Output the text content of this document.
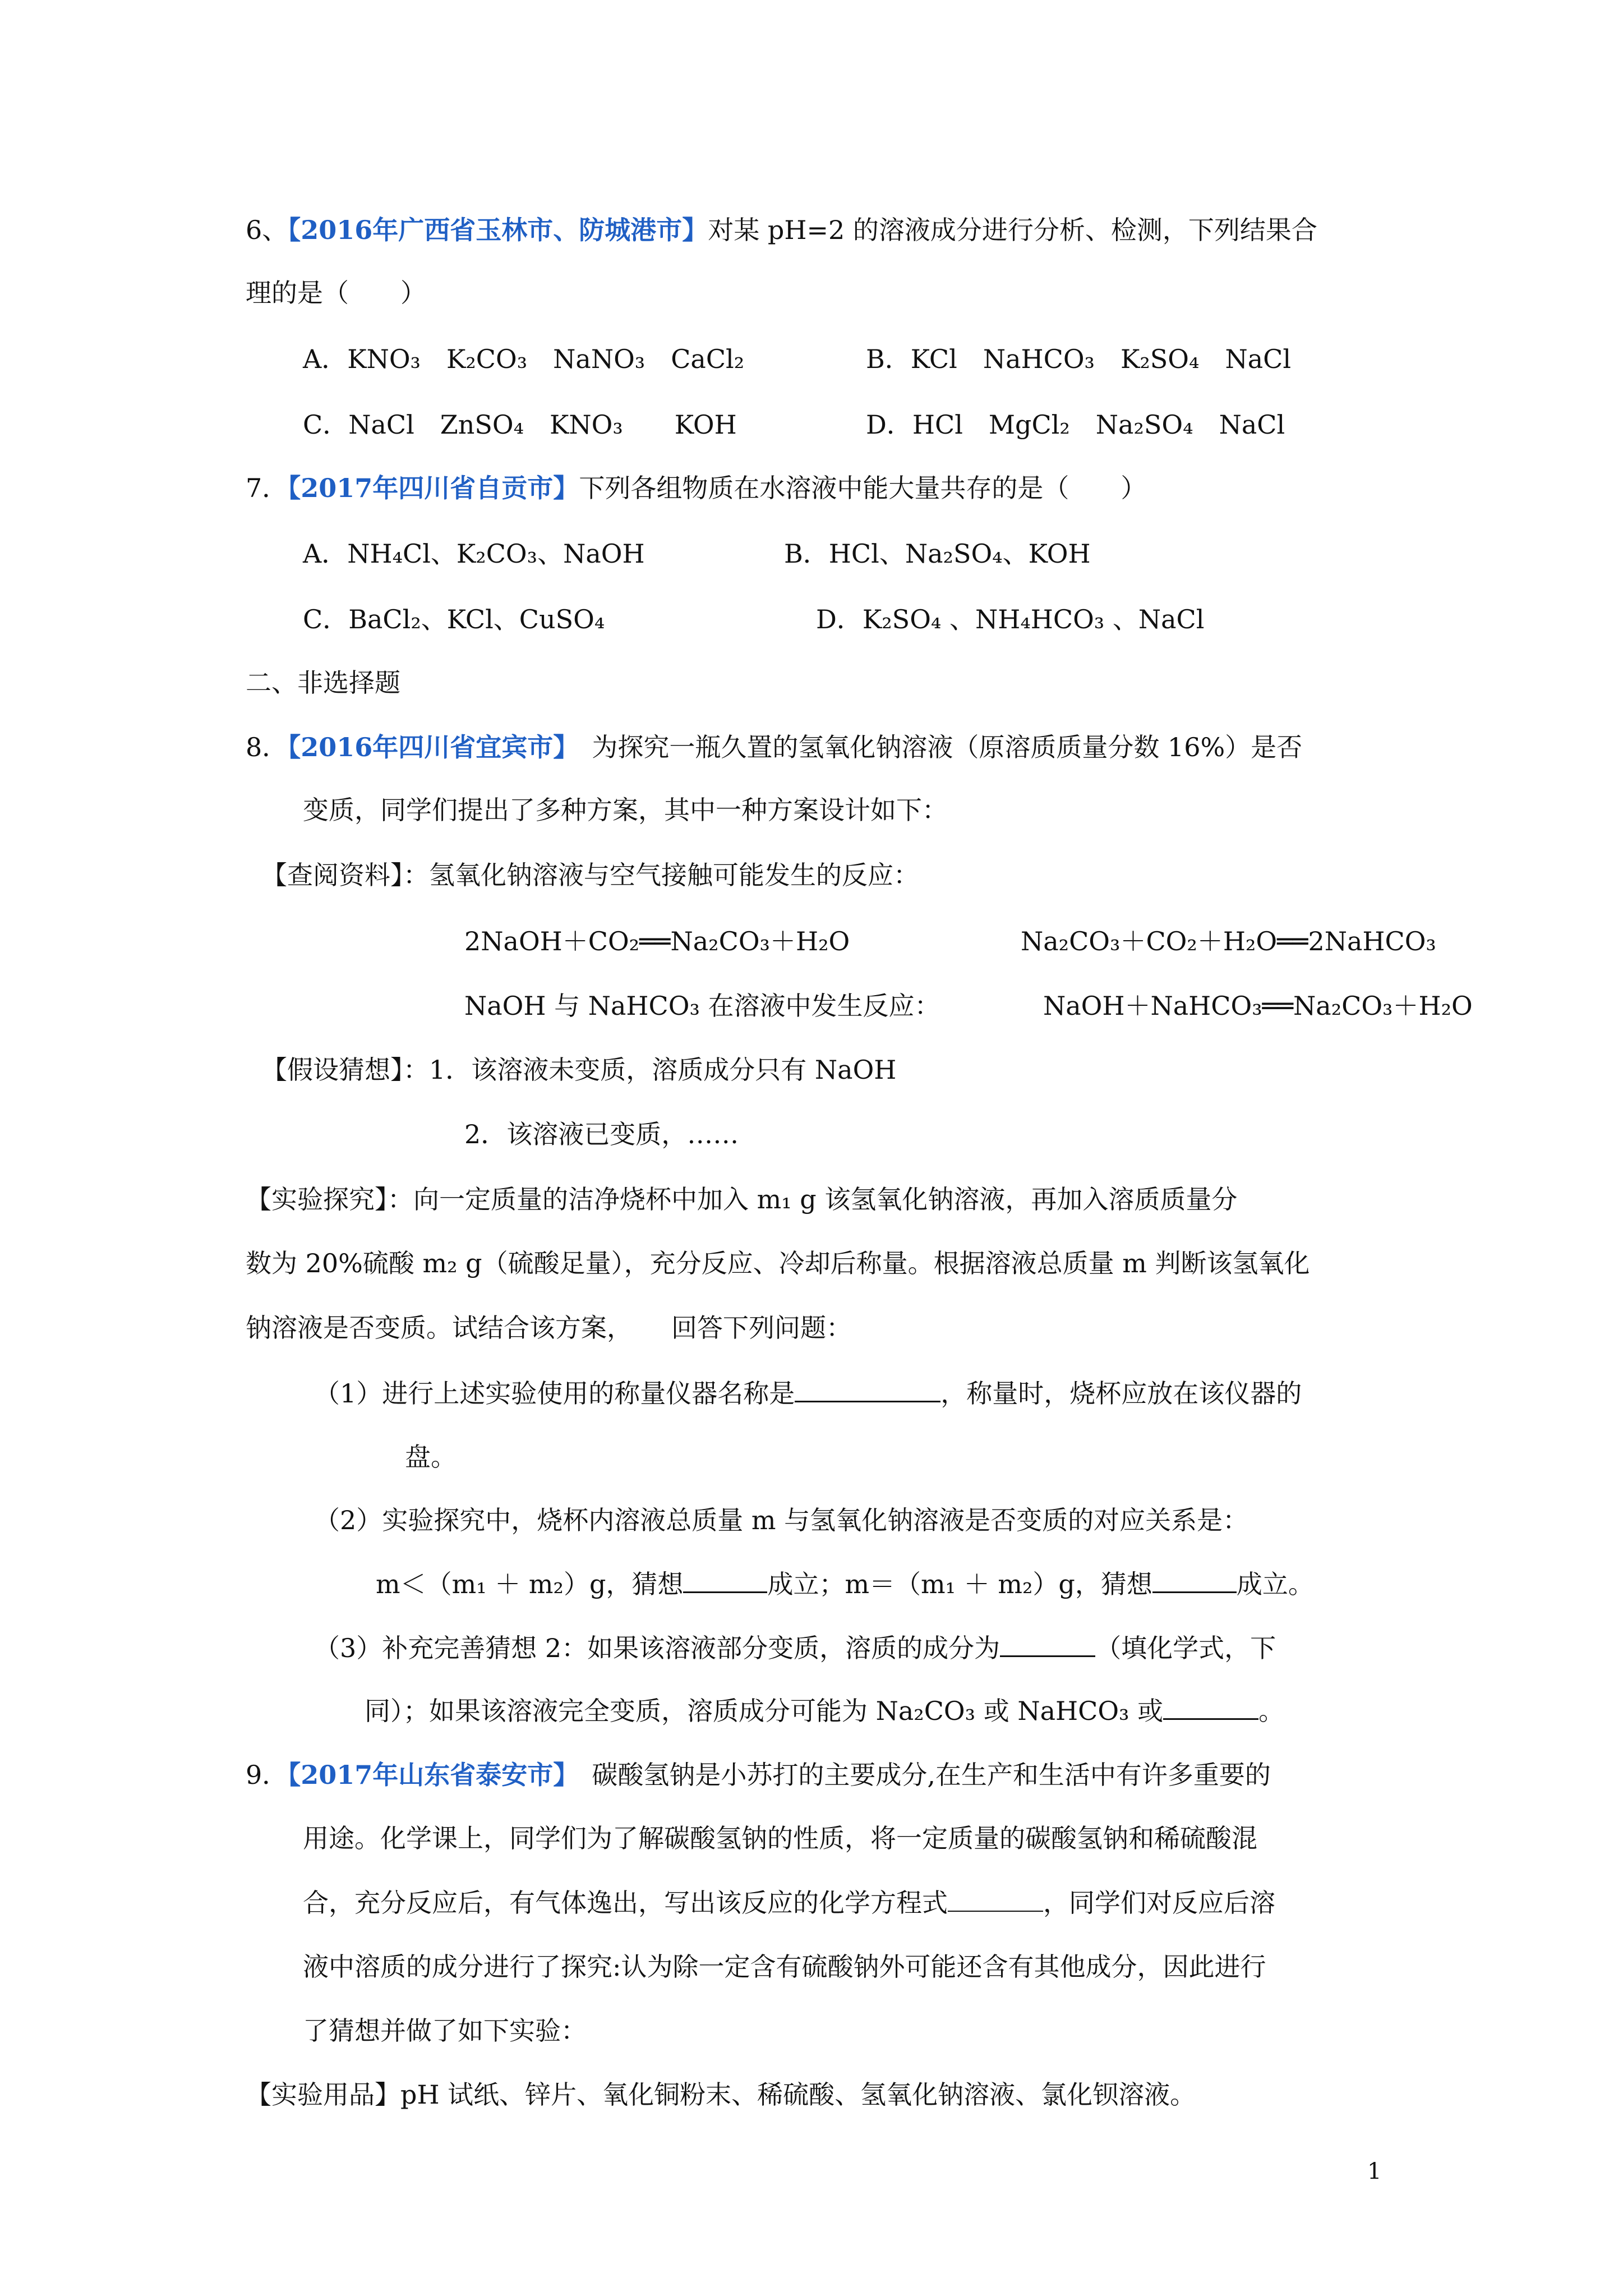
6、【2016年广西省玉林市、防城港市】对某 pH=2 的溶液成分进行分析、检测，下列结果合
理的是（　　）
A．KNO₃　K₂CO₃　NaNO₃　CaCl₂	B．KCl　NaHCO₃　K₂SO₄　NaCl
C．NaCl　ZnSO₄　KNO₃　　KOH	D．HCl　MgCl₂　Na₂SO₄　NaCl
7．【2017年四川省自贡市】下列各组物质在水溶液中能大量共存的是（　　）
A．NH₄Cl、K₂CO₃、NaOH	B．HCl、Na₂SO₄、KOH
C．BaCl₂、KCl、CuSO₄	D．K₂SO₄ 、NH₄HCO₃ 、NaCl
二、非选择题
8．【2016年四川省宜宾市】　为探究一瓶久置的氢氧化钠溶液（原溶质质量分数 16%）是否
变质，同学们提出了多种方案，其中一种方案设计如下：
【查阅资料】：氢氧化钠溶液与空气接触可能发生的反应：
2NaOH＋CO₂══Na₂CO₃＋H₂O	Na₂CO₃＋CO₂＋H₂O══2NaHCO₃
NaOH 与 NaHCO₃ 在溶液中发生反应：	NaOH＋NaHCO₃══Na₂CO₃＋H₂O
【假设猜想】：1．该溶液未变质，溶质成分只有 NaOH
2．该溶液已变质，……
【实验探究】：向一定质量的洁净烧杯中加入 m₁ g 该氢氧化钠溶液，再加入溶质质量分
数为 20%硫酸 m₂ g（硫酸足量），充分反应、冷却后称量。根据溶液总质量 m 判断该氢氧化
钠溶液是否变质。试结合该方案，　　回答下列问题：
（1）进行上述实验使用的称量仪器名称是	，称量时，烧杯应放在该仪器的
盘。
（2）实验探究中，烧杯内溶液总质量 m 与氢氧化钠溶液是否变质的对应关系是：
m＜（m₁ ＋ m₂）g，猜想	成立；m＝（m₁ ＋ m₂）g，猜想	成立。
（3）补充完善猜想 2：如果该溶液部分变质，溶质的成分为	（填化学式，下
同）；如果该溶液完全变质，溶质成分可能为 Na₂CO₃ 或 NaHCO₃ 或	。
9．【2017年山东省泰安市】　碳酸氢钠是小苏打的主要成分,在生产和生活中有许多重要的
用途。化学课上，同学们为了解碳酸氢钠的性质，将一定质量的碳酸氢钠和稀硫酸混
合，充分反应后，有气体逸出，写出该反应的化学方程式	，同学们对反应后溶
液中溶质的成分进行了探究:认为除一定含有硫酸钠外可能还含有其他成分，因此进行
了猜想并做了如下实验：
【实验用品】pH 试纸、锌片、氧化铜粉末、稀硫酸、氢氧化钠溶液、氯化钡溶液。
1
